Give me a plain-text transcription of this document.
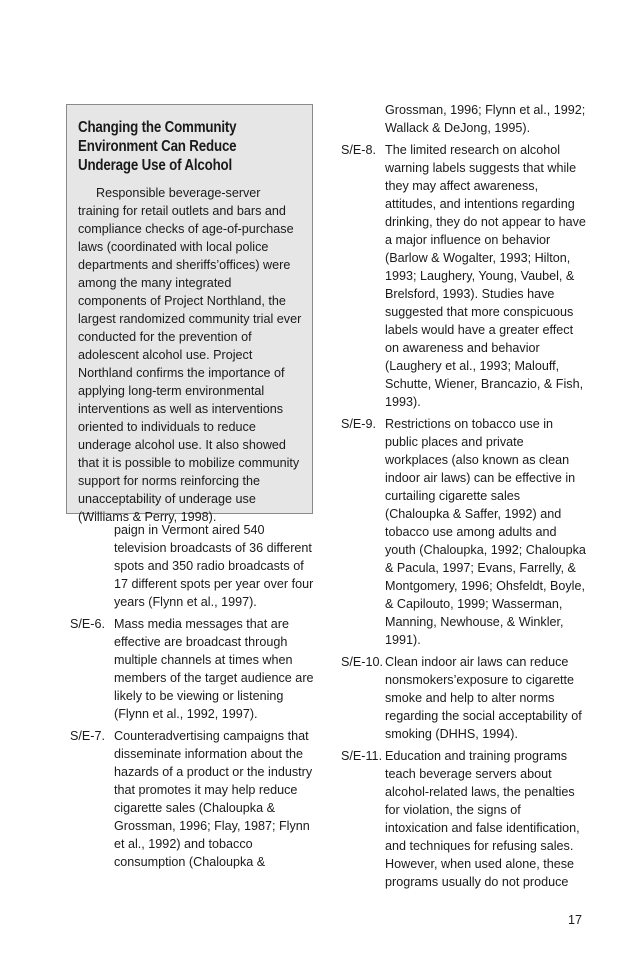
Changing the Community
Environment Can Reduce
Underage Use of Alcohol

Responsible beverage-server training for retail outlets and bars and compliance checks of age-of-purchase laws (coordinated with local police departments and sheriffs’offices) were among the many integrated components of Project Northland, the largest randomized community trial ever conducted for the prevention of adolescent alcohol use. Project Northland confirms the importance of applying long-term environmental interventions as well as interventions oriented to individuals to reduce underage alcohol use. It also showed that it is possible to mobilize community support for norms reinforcing the unacceptability of underage use (Williams & Perry, 1998).

paign in Vermont aired 540 television broadcasts of 36 different spots and 350 radio broadcasts of 17 different spots per year over four years (Flynn et al., 1997).

S/E-6. Mass media messages that are effective are broadcast through multiple channels at times when members of the target audience are likely to be viewing or listening (Flynn et al., 1992, 1997).
S/E-7. Counteradvertising campaigns that disseminate information about the hazards of a product or the industry that promotes it may help reduce cigarette sales (Chaloupka & Grossman, 1996; Flay, 1987; Flynn et al., 1992) and tobacco consumption (Chaloupka &

Grossman, 1996; Flynn et al., 1992; Wallack & DeJong, 1995).

S/E-8. The limited research on alcohol warning labels suggests that while they may affect awareness, attitudes, and intentions regarding drinking, they do not appear to have a major influence on behavior (Barlow & Wogalter, 1993; Hilton, 1993; Laughery, Young, Vaubel, & Brelsford, 1993). Studies have suggested that more conspicuous labels would have a greater effect on awareness and behavior (Laughery et al., 1993; Malouff, Schutte, Wiener, Brancazio, & Fish, 1993).
S/E-9. Restrictions on tobacco use in public places and private workplaces (also known as clean indoor air laws) can be effective in curtailing cigarette sales (Chaloupka & Saffer, 1992) and tobacco use among adults and youth (Chaloupka, 1992; Chaloupka & Pacula, 1997; Evans, Farrelly, & Montgomery, 1996; Ohsfeldt, Boyle, & Capilouto, 1999; Wasserman, Manning, Newhouse, & Winkler, 1991).
S/E-10. Clean indoor air laws can reduce nonsmokers’exposure to cigarette smoke and help to alter norms regarding the social acceptability of smoking (DHHS, 1994).
S/E-11. Education and training programs teach beverage servers about alcohol-related laws, the penalties for violation, the signs of intoxication and false identification, and techniques for refusing sales. However, when used alone, these programs usually do not produce
17
